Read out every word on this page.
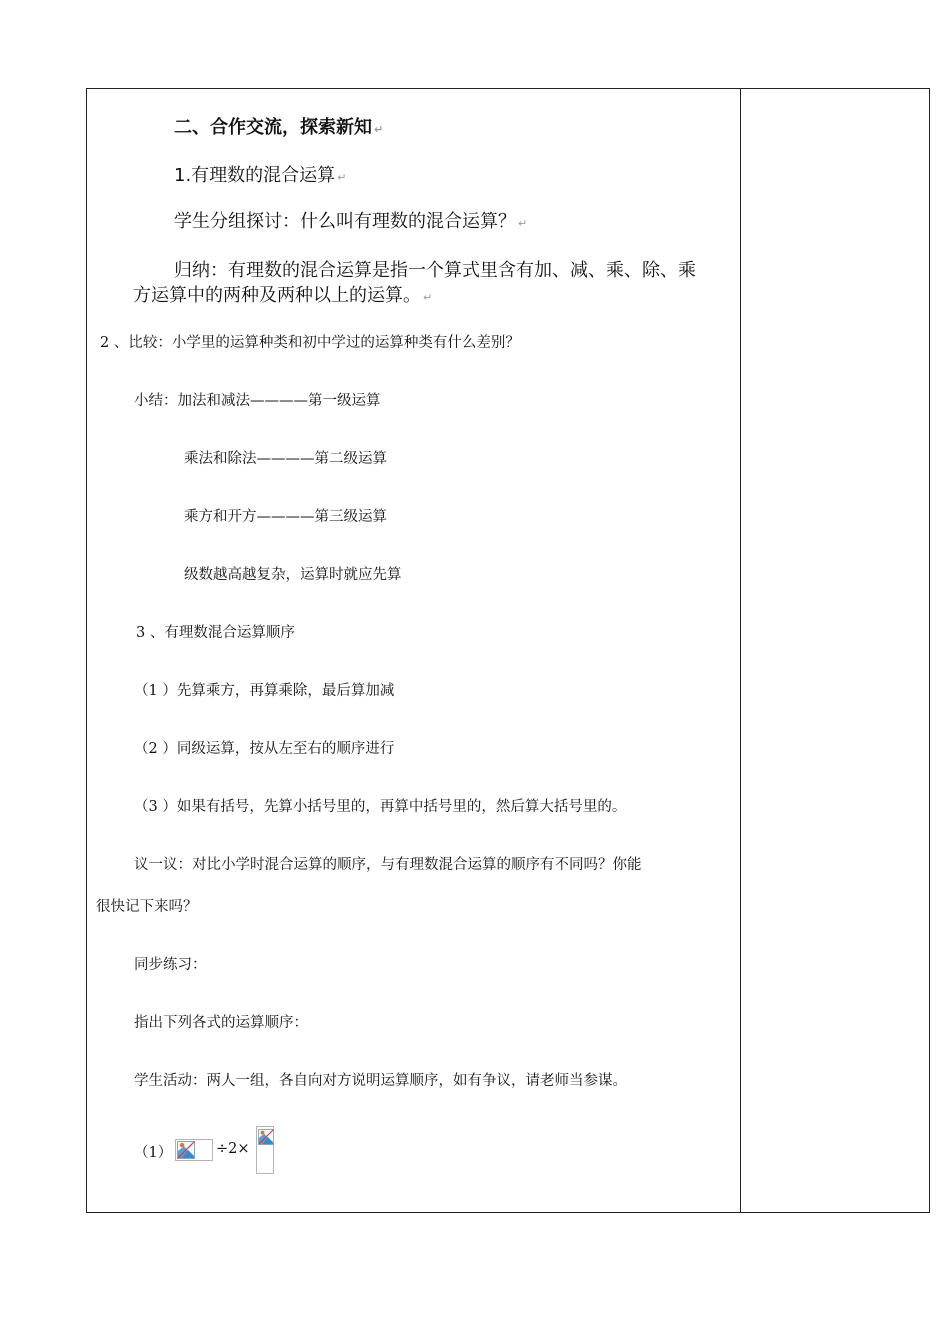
二、合作交流，探索新知 ↵
1.有理数的混合运算 ↵
学生分组探讨：什么叫有理数的混合运算？ ↵
归纳：有理数的混合运算是指一个算式里含有加、减、乘、除、乘
方运算中的两种及两种以上的运算。 ↵
2 、比较：小学里的运算种类和初中学过的运算种类有什么差别？
小结：加法和减法————第一级运算
乘法和除法————第二级运算
乘方和开方————第三级运算
级数越高越复杂，运算时就应先算
3 、有理数混合运算顺序
（1 ）先算乘方，再算乘除，最后算加减
（2 ）同级运算，按从左至右的顺序进行
（3 ）如果有括号，先算小括号里的，再算中括号里的，然后算大括号里的。
议一议：对比小学时混合运算的顺序，与有理数混合运算的顺序有不同吗？你能
很快记下来吗？
同步练习：
指出下列各式的运算顺序：
学生活动：两人一组，各自向对方说明运算顺序，如有争议，请老师当参谋。
（1）	÷2×
